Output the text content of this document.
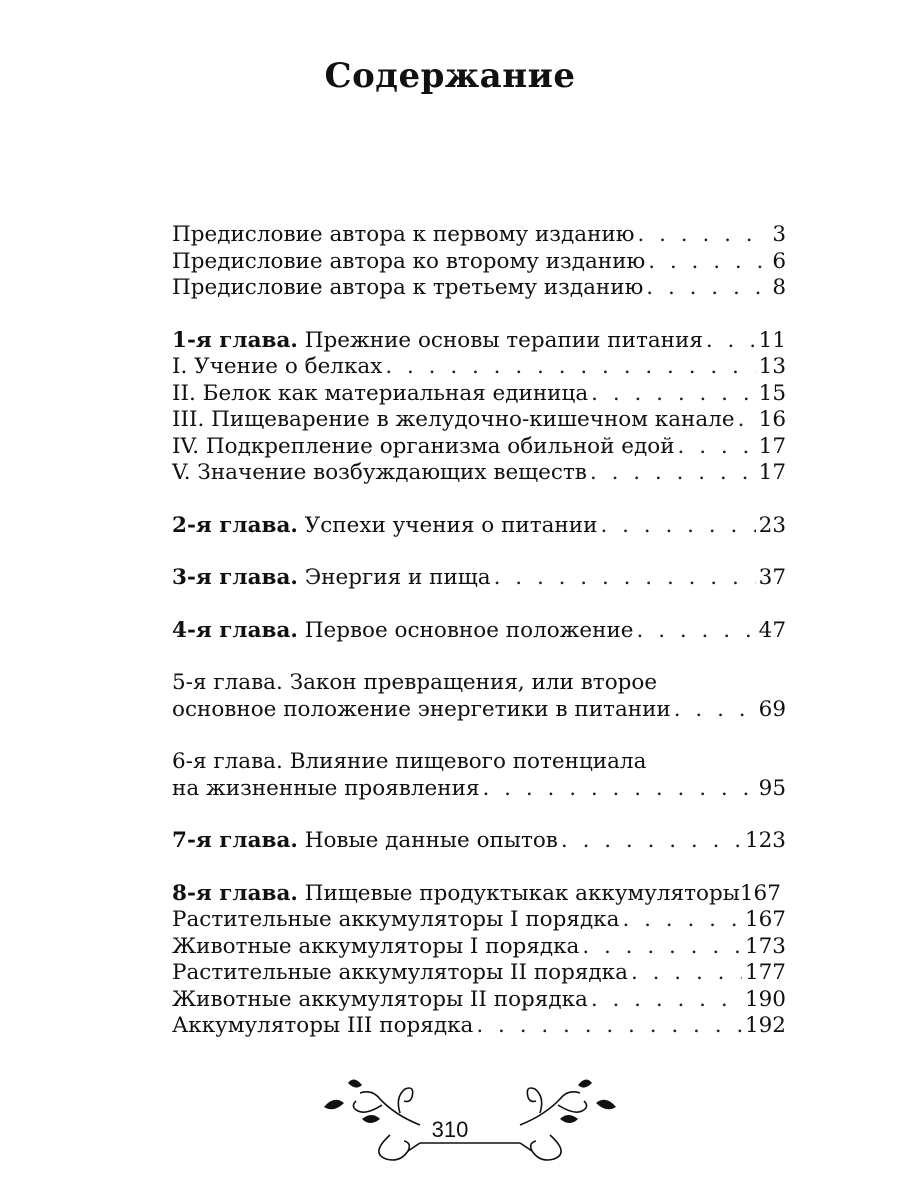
Содержание
Предисловие автора к первому изданию . . .	3
Предисловие автора ко второму изданию . . .	6
Предисловие автора к третьему изданию . . .	8
1-я глава. Прежние основы терапии питания . . .	11
I. Учение о белках . . .	13
II. Белок как материальная единица . . .	15
III. Пищеварение в желудочно-кишечном канале . . . 16
IV. Подкрепление организма обильной едой . . .	17
V. Значение возбуждающих веществ . . .	17
2-я глава. Успехи учения о питании . . .	23
3-я глава. Энергия и пища . . .	37
4-я глава. Первое основное положение . . .	47
5-я глава. Закон превращения, или второе
основное положение энергетики в питании . . .	69
6-я глава. Влияние пищевого потенциала
на жизненные проявления . . .	95
7-я глава. Новые данные опытов . . .	123
8-я глава. Пищевые продуктыкак аккумуляторы 167
Растительные аккумуляторы I порядка . . .	167
Животные аккумуляторы I порядка . . .	173
Растительные аккумуляторы II порядка . . .	177
Животные аккумуляторы II порядка . . .	190
Аккумуляторы III порядка . . .	192
310
